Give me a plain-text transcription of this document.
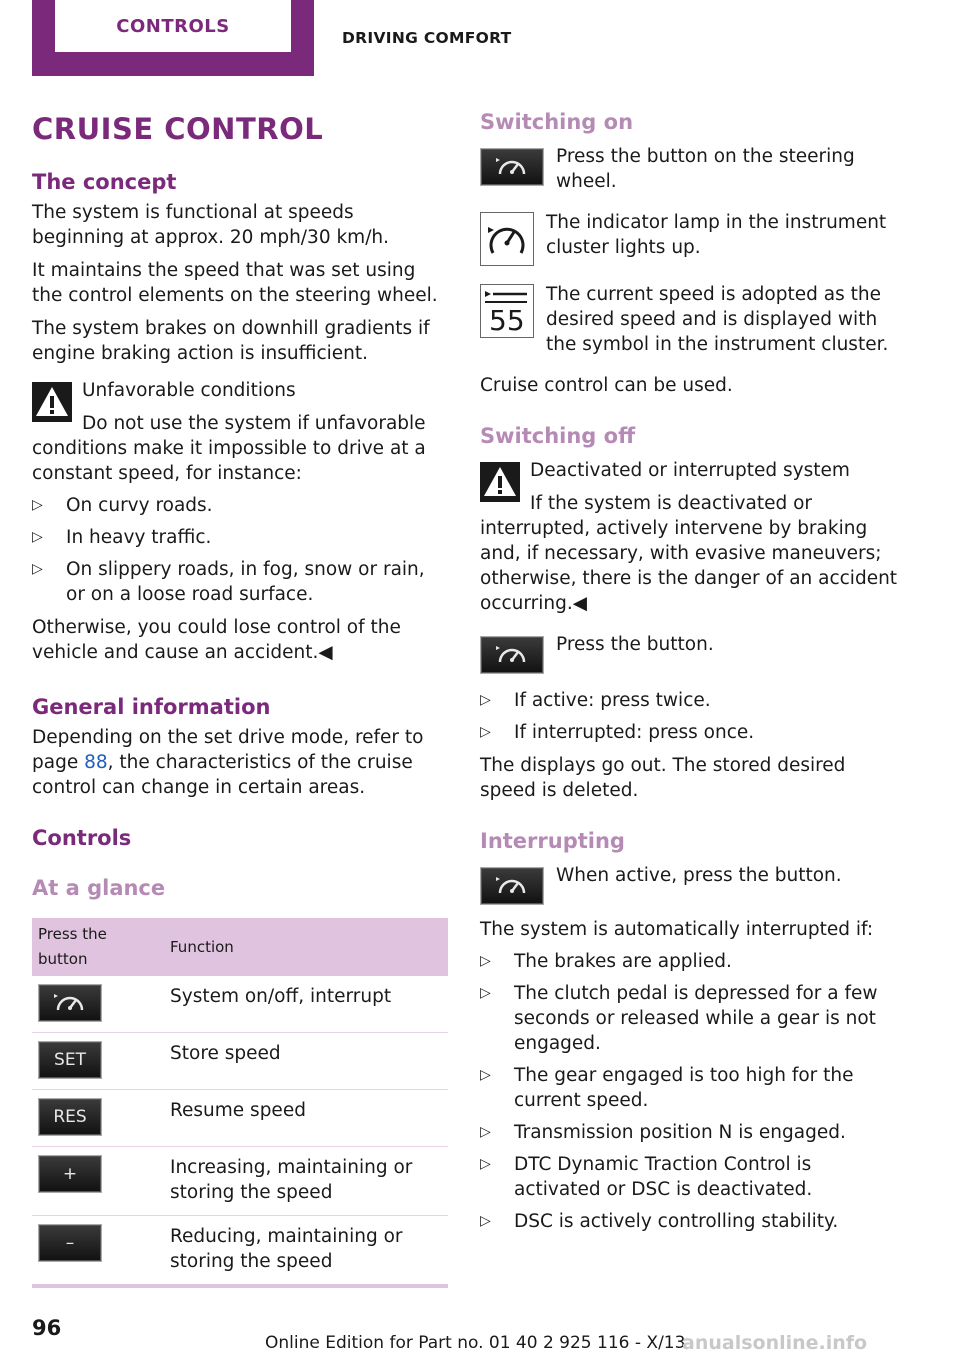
CONTROLS
DRIVING COMFORT
CRUISE CONTROL
The concept

The system is functional at speeds beginning at approx. 20 mph/30 km/h.

It maintains the speed that was set using the control elements on the steering wheel.

The system brakes on downhill gradients if engine braking action is insufficient.

Unfavorable conditions

Do not use the system if unfavorable conditions make it impossible to drive at a constant speed, for instance:

▷ On curvy roads.
▷ In heavy traffic.
▷ On slippery roads, in fog, snow or rain, or on a loose road surface.

Otherwise, you could lose control of the vehicle and cause an accident.◀

General information

Depending on the set drive mode, refer to page 88, the characteristics of the cruise control can change in certain areas.

Controls
At a glance
Press the button	Function

	System on/off, interrupt

SET	Store speed

RES	Resume speed

+	Increasing, maintaining or storing the speed

–	Reducing, maintaining or storing the speed
Switching on

Press the button on the steering wheel.

The indicator lamp in the instrument cluster lights up.

55

The current speed is adopted as the desired speed and is displayed with the symbol in the instrument cluster.

Cruise control can be used.

Switching off

Deactivated or interrupted system

If the system is deactivated or interrupted, actively intervene by braking and, if necessary, with evasive maneuvers; otherwise, there is the danger of an accident occurring.◀

Press the button.

▷ If active: press twice.
▷ If interrupted: press once.

The displays go out. The stored desired speed is deleted.

Interrupting

When active, press the button.

The system is automatically interrupted if:

▷ The brakes are applied.
▷ The clutch pedal is depressed for a few seconds or released while a gear is not engaged.
▷ The gear engaged is too high for the current speed.
▷ Transmission position N is engaged.
▷ DTC Dynamic Traction Control is activated or DSC is deactivated.
▷ DSC is actively controlling stability.
96
Online Edition for Part no. 01 40 2 925 116 - X/13
anualsonline.info
